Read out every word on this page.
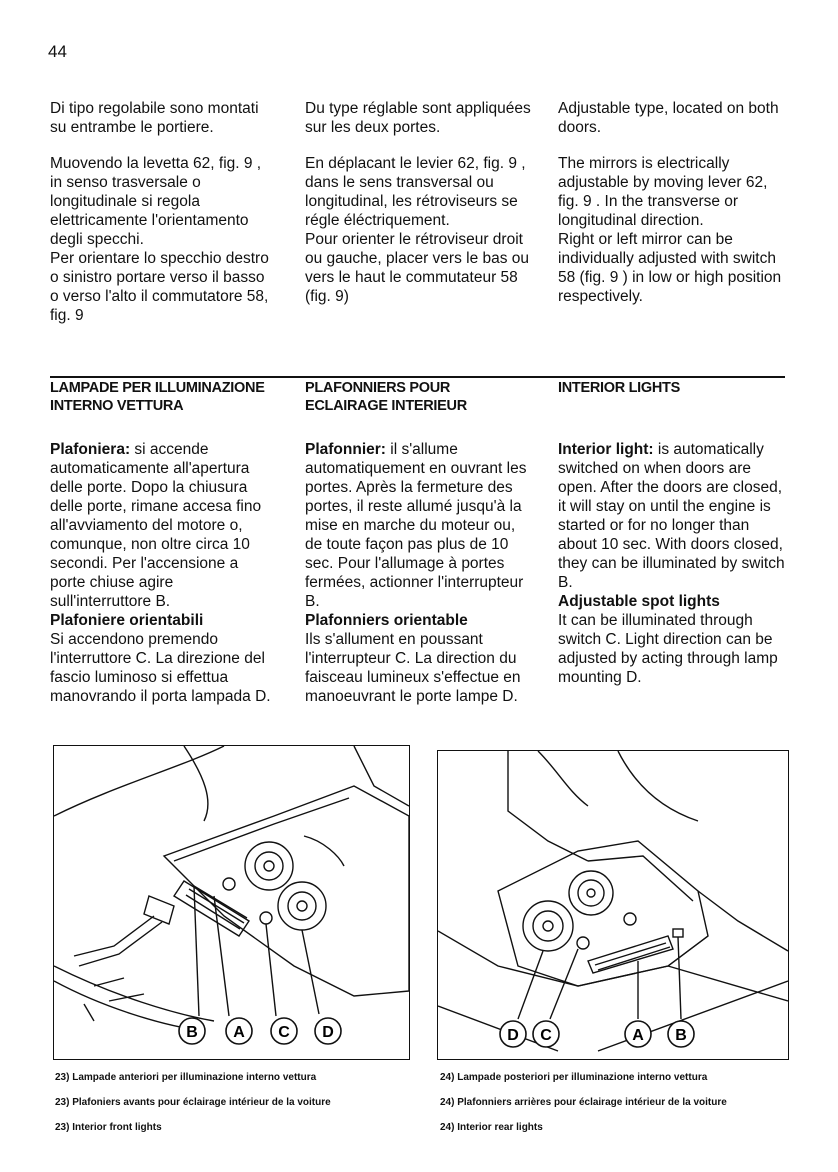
44

Di tipo regolabile sono montati su entrambe le portiere.

Muovendo la levetta 62, fig. 9 , in senso trasversale o longitudinale si regola elettricamente l'orientamento degli specchi.

Per orientare lo specchio destro o sinistro portare verso il basso o verso l'alto il commutatore 58, fig. 9

Du type réglable sont appliquées sur les deux portes.

En déplacant le levier 62, fig. 9 , dans le sens transversal ou longitudinal, les rétroviseurs se régle éléctriquement.

Pour orienter le rétroviseur droit ou gauche, placer vers le bas ou vers le haut le commutateur 58 (fig. 9)

Adjustable type, located on both doors.

The mirrors is electrically adjustable by moving lever 62, fig. 9 . In the transverse or longitudinal direction.

Right or left mirror can be individually adjusted with switch 58 (fig. 9 ) in low or high position respectively.

LAMPADE PER ILLUMINAZIONE
INTERNO VETTURA
PLAFONNIERS POUR
ECLAIRAGE INTERIEUR
INTERIOR LIGHTS
Plafoniera: si accende automaticamente all'apertura delle porte. Dopo la chiusura delle porte, rimane accesa fino all'avviamento del motore o, comunque, non oltre circa 10 secondi. Per l'accensione a porte chiuse agire sull'interruttore B.
Plafoniere orientabili
Si accendono premendo l'interruttore C. La direzione del fascio luminoso si effettua manovrando il porta lampada D.
Plafonnier: il s'allume automatiquement en ouvrant les portes. Après la fermeture des portes, il reste allumé jusqu'à la mise en marche du moteur ou, de toute façon pas plus de 10 sec. Pour l'allumage à portes fermées, actionner l'interrupteur B.
Plafonniers orientable
Ils s'allument en poussant l'interrupteur C. La direction du faisceau lumineux s'effectue en manoeuvrant le porte lampe D.
Interior light: is automatically switched on when doors are open. After the doors are closed, it will stay on until the engine is started or for no longer than about 10 sec. With doors closed, they can be illuminated by switch B.
Adjustable spot lights
It can be illuminated through switch C. Light direction can be adjusted by acting through lamp mounting D.
B A C D	D C	A B
23) Lampade anteriori per illuminazione interno vettura
23) Plafoniers avants pour éclairage intérieur de la voiture
23) Interior front lights
24) Lampade posteriori per illuminazione interno vettura
24) Plafonniers arrières pour éclairage intérieur de la voiture
24) Interior rear lights
